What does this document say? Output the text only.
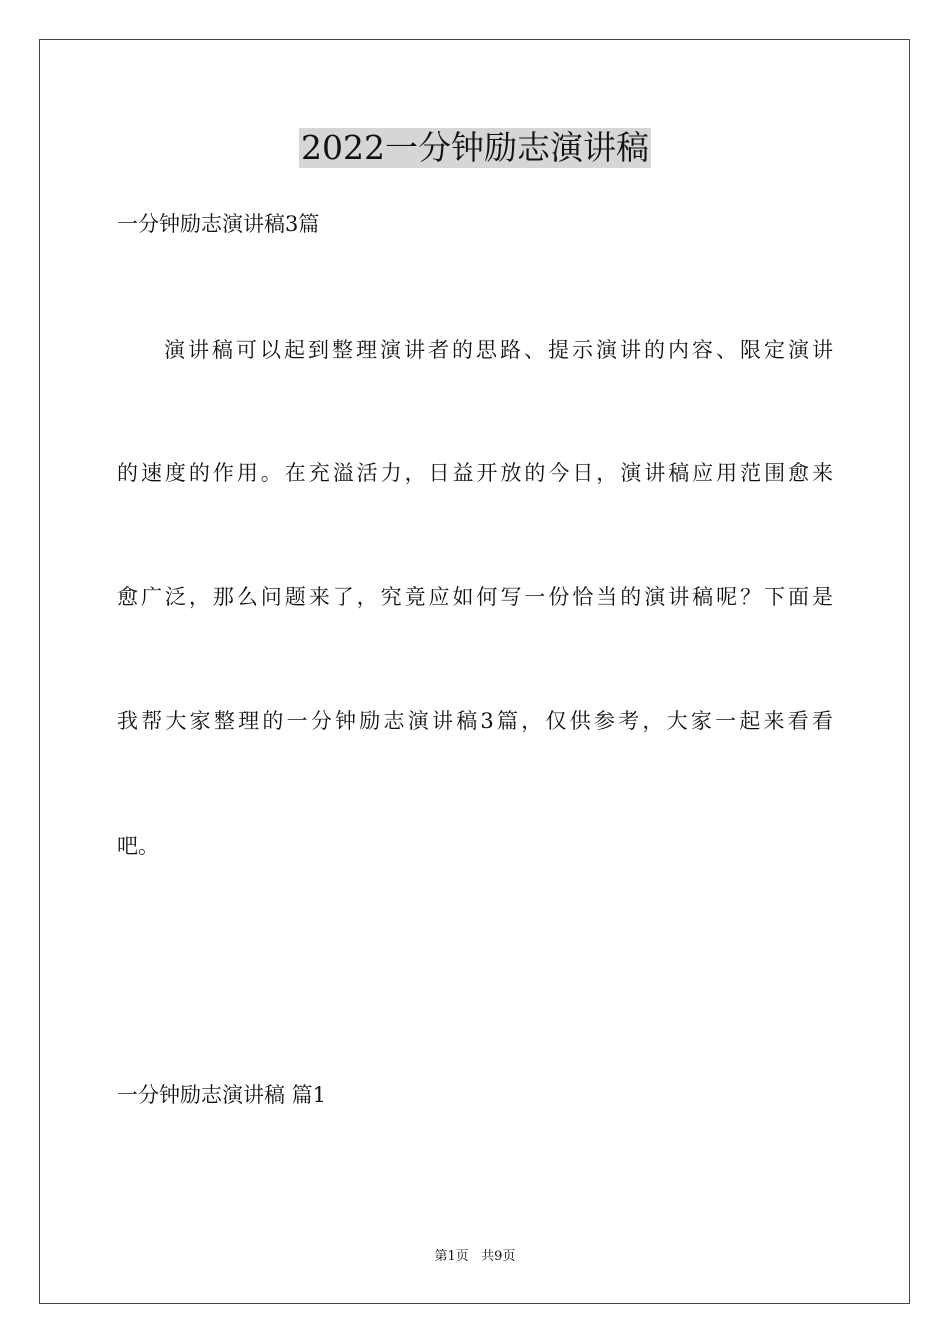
2022一分钟励志演讲稿
一分钟励志演讲稿3篇
演讲稿可以起到整理演讲者的思路、提示演讲的内容、限定演讲
的速度的作用。在充溢活力，日益开放的今日，演讲稿应用范围愈来
愈广泛，那么问题来了，究竟应如何写一份恰当的演讲稿呢？下面是
我帮大家整理的一分钟励志演讲稿3篇，仅供参考，大家一起来看看
吧。
一分钟励志演讲稿 篇1
第1页   共9页
